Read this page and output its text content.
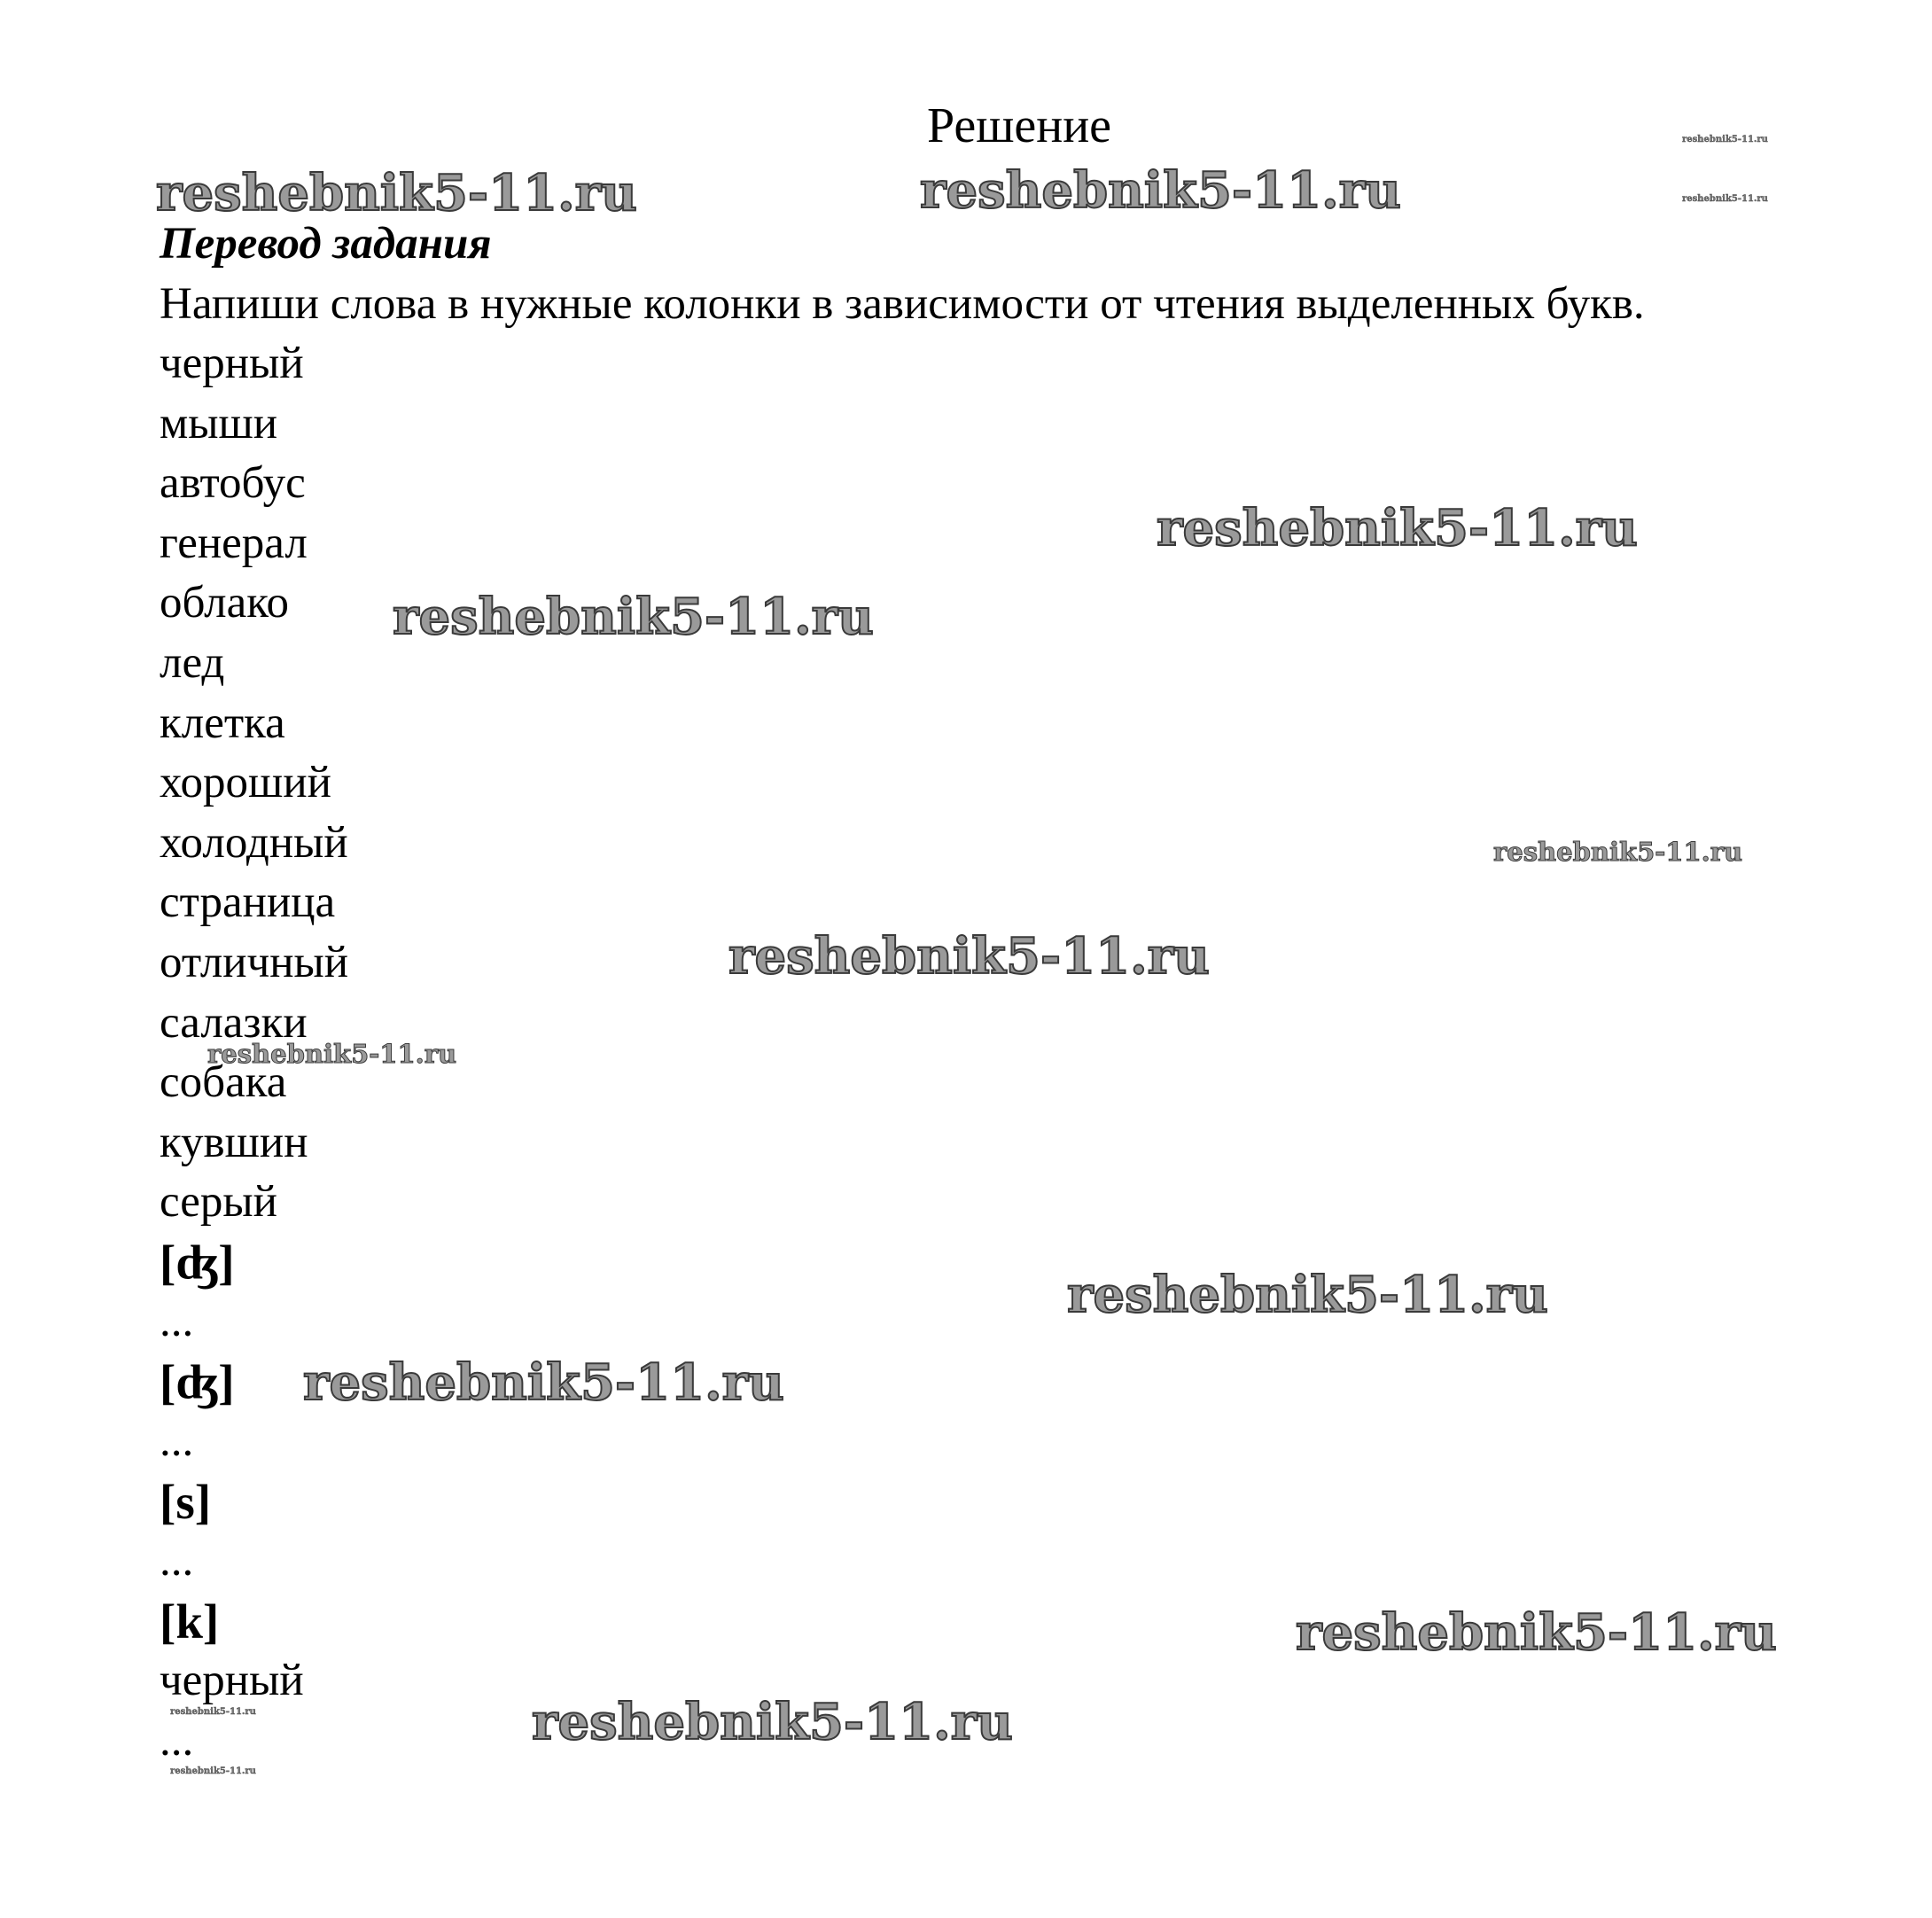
Решение

Перевод задания

Напиши слова в нужные колонки в зависимости от чтения выделенных букв.

черный

мыши

автобус

генерал

облако

лед

клетка

хороший

холодный

страница

отличный

салазки

собака

кувшин

серый

[ʤ]

...

[ʤ]

...

[s]

...

[k]

черный

...

reshebnik5-11.ru	reshebnik5-11.ru
reshebnik5-11.ru
reshebnik5-11.ru
reshebnik5-11.ru
reshebnik5-11.ru
reshebnik5-11.ru
reshebnik5-11.ru
reshebnik5-11.ru
reshebnik5-11.ru
reshebnik5-11.ru
reshebnik5-11.ru
reshebnik5-11.ru
reshebnik5-11.ru
reshebnik5-11.ru
